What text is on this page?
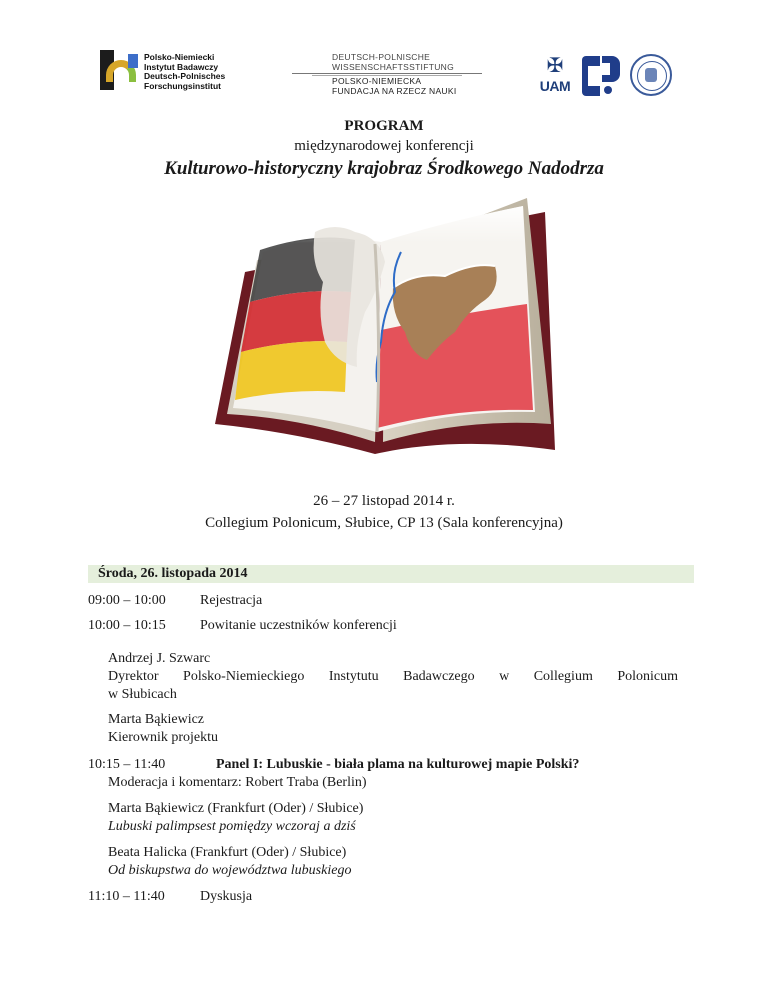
Polsko-Niemiecki
Instytut Badawczy
Deutsch-Polnisches
Forschungsinstitut
DEUTSCH-POLNISCHE
WISSENSCHAFTSSTIFTUNG
POLSKO-NIEMIECKA
FUNDACJA NA RZECZ NAUKI
✠
UAM
PROGRAM
międzynarodowej konferencji
Kulturowo-historyczny krajobraz Środkowego Nadodrza
26 – 27 listopad 2014 r.
Collegium Polonicum, Słubice, CP 13 (Sala konferencyjna)
Środa, 26. listopada 2014
09:00 – 10:00 Rejestracja
10:00 – 10:15 Powitanie uczestników konferencji
Andrzej J. Szwarc
Dyrektor Polsko-Niemieckiego Instytutu Badawczego w Collegium Polonicum
w Słubicach
Marta Bąkiewicz
Kierownik projektu
10:15 – 11:40	Panel I: Lubuskie - biała plama na kulturowej mapie Polski?
Moderacja i komentarz: Robert Traba (Berlin)
Marta Bąkiewicz (Frankfurt (Oder) / Słubice)
Lubuski palimpsest pomiędzy wczoraj a dziś
Beata Halicka (Frankfurt (Oder) / Słubice)
Od biskupstwa do województwa lubuskiego
11:10 – 11:40	Dyskusja
